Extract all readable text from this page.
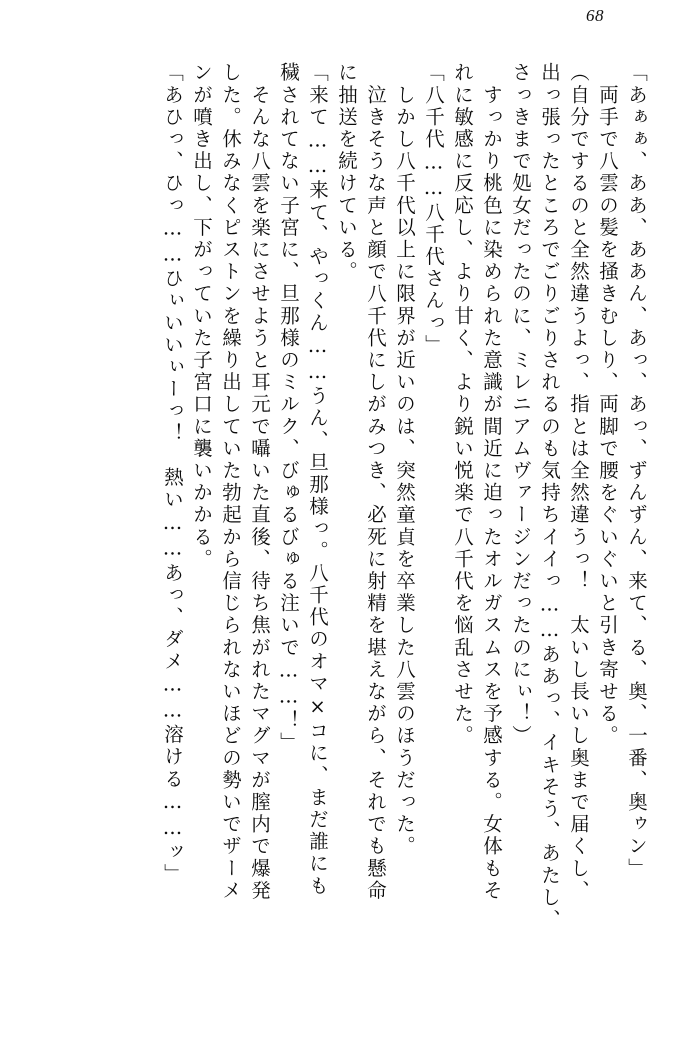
68
「あぁぁ、ああ、ああん、あっ、あっ、ずんずん、来て、る、奥、一番、奥ゥン」
　両手で八雲の髪を掻きむしり、両脚で腰をぐいぐいと引き寄せる。
（自分でするのと全然違うよっ、指とは全然違うっ！　太いし長いし奥まで届くし、
出っ張ったところでごりごりされるのも気持ちイイっ……ああっ、イキそう、あたし、
さっきまで処女だったのに、ミレニアムヴァージンだったのにぃ！）
　すっかり桃色に染められた意識が間近に迫ったオルガスムスを予感する。女体もそ
れに敏感に反応し、より甘く、より鋭い悦楽で八千代を悩乱させた。
「八千代……八千代さんっ」
　しかし八千代以上に限界が近いのは、突然童貞を卒業した八雲のほうだった。
　泣きそうな声と顔で八千代にしがみつき、必死に射精を堪えながら、それでも懸命
に抽送を続けている。
「来て……来て、やっくん……うん、旦那様っ。八千代のオマ×コに、まだ誰にも
穢されてない子宮に、旦那様のミルク、びゅるびゅる注いで……！」
　そんな八雲を楽にさせようと耳元で囁いた直後、待ち焦がれたマグマが膣内で爆発
した。休みなくピストンを繰り出していた勃起から信じられないほどの勢いでザーメ
ンが噴き出し、下がっていた子宮口に襲いかかる。
「あひっ、ひっ……ひぃいいぃーっ！　熱い……あっ、ダメ……溶ける……ッ」
